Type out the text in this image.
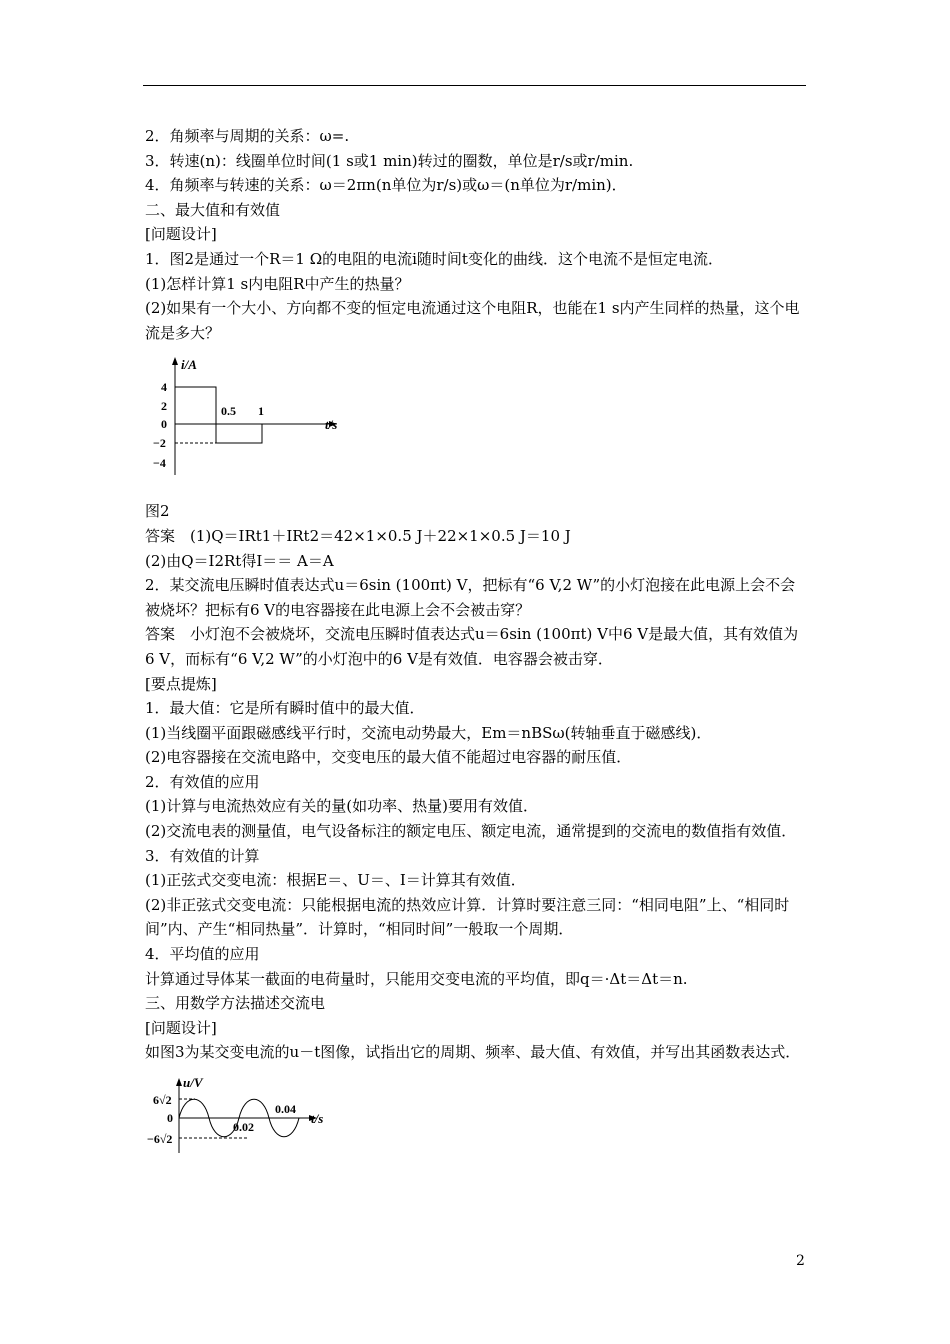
2．角频率与周期的关系：ω=.

3．转速(n)：线圈单位时间(1 s或1 min)转过的圈数，单位是r/s或r/min.

4．角频率与转速的关系：ω＝2πn(n单位为r/s)或ω＝(n单位为r/min)．

二、最大值和有效值

[问题设计]

1．图2是通过一个R＝1 Ω的电阻的电流i随时间t变化的曲线．这个电流不是恒定电流．

(1)怎样计算1 s内电阻R中产生的热量？

(2)如果有一个大小、方向都不变的恒定电流通过这个电阻R，也能在1 s内产生同样的热量，这个电流是多大？

i/A
t/s
4
2
0
−2
−4
0.5 1

图2

答案　(1)Q＝IRt1＋IRt2＝42×1×0.5 J＋22×1×0.5 J＝10 J

(2)由Q＝I2Rt得I＝＝ A＝A

2．某交流电压瞬时值表达式u＝6sin (100πt) V，把标有“6 V,2 W”的小灯泡接在此电源上会不会被烧坏？把标有6 V的电容器接在此电源上会不会被击穿？

答案　小灯泡不会被烧坏，交流电压瞬时值表达式u＝6sin (100πt) V中6 V是最大值，其有效值为6 V，而标有“6 V,2 W”的小灯泡中的6 V是有效值．电容器会被击穿．

[要点提炼]

1．最大值：它是所有瞬时值中的最大值．

(1)当线圈平面跟磁感线平行时，交流电动势最大，Em＝nBSω(转轴垂直于磁感线)．

(2)电容器接在交流电路中，交变电压的最大值不能超过电容器的耐压值．

2．有效值的应用

(1)计算与电流热效应有关的量(如功率、热量)要用有效值．

(2)交流电表的测量值，电气设备标注的额定电压、额定电流，通常提到的交流电的数值指有效值．

3．有效值的计算

(1)正弦式交变电流：根据E＝、U＝、I＝计算其有效值．

(2)非正弦式交变电流：只能根据电流的热效应计算．计算时要注意三同：“相同电阻”上、“相同时间”内、产生“相同热量”．计算时，“相同时间”一般取一个周期．

4．平均值的应用

计算通过导体某一截面的电荷量时，只能用交变电流的平均值，即q＝·Δt＝Δt＝n.

三、用数学方法描述交流电

[问题设计]

如图3为某交变电流的u－t图像，试指出它的周期、频率、最大值、有效值，并写出其函数表达式．

u/V
t/s
6√2
0
−6√2
0.02
0.04
2
